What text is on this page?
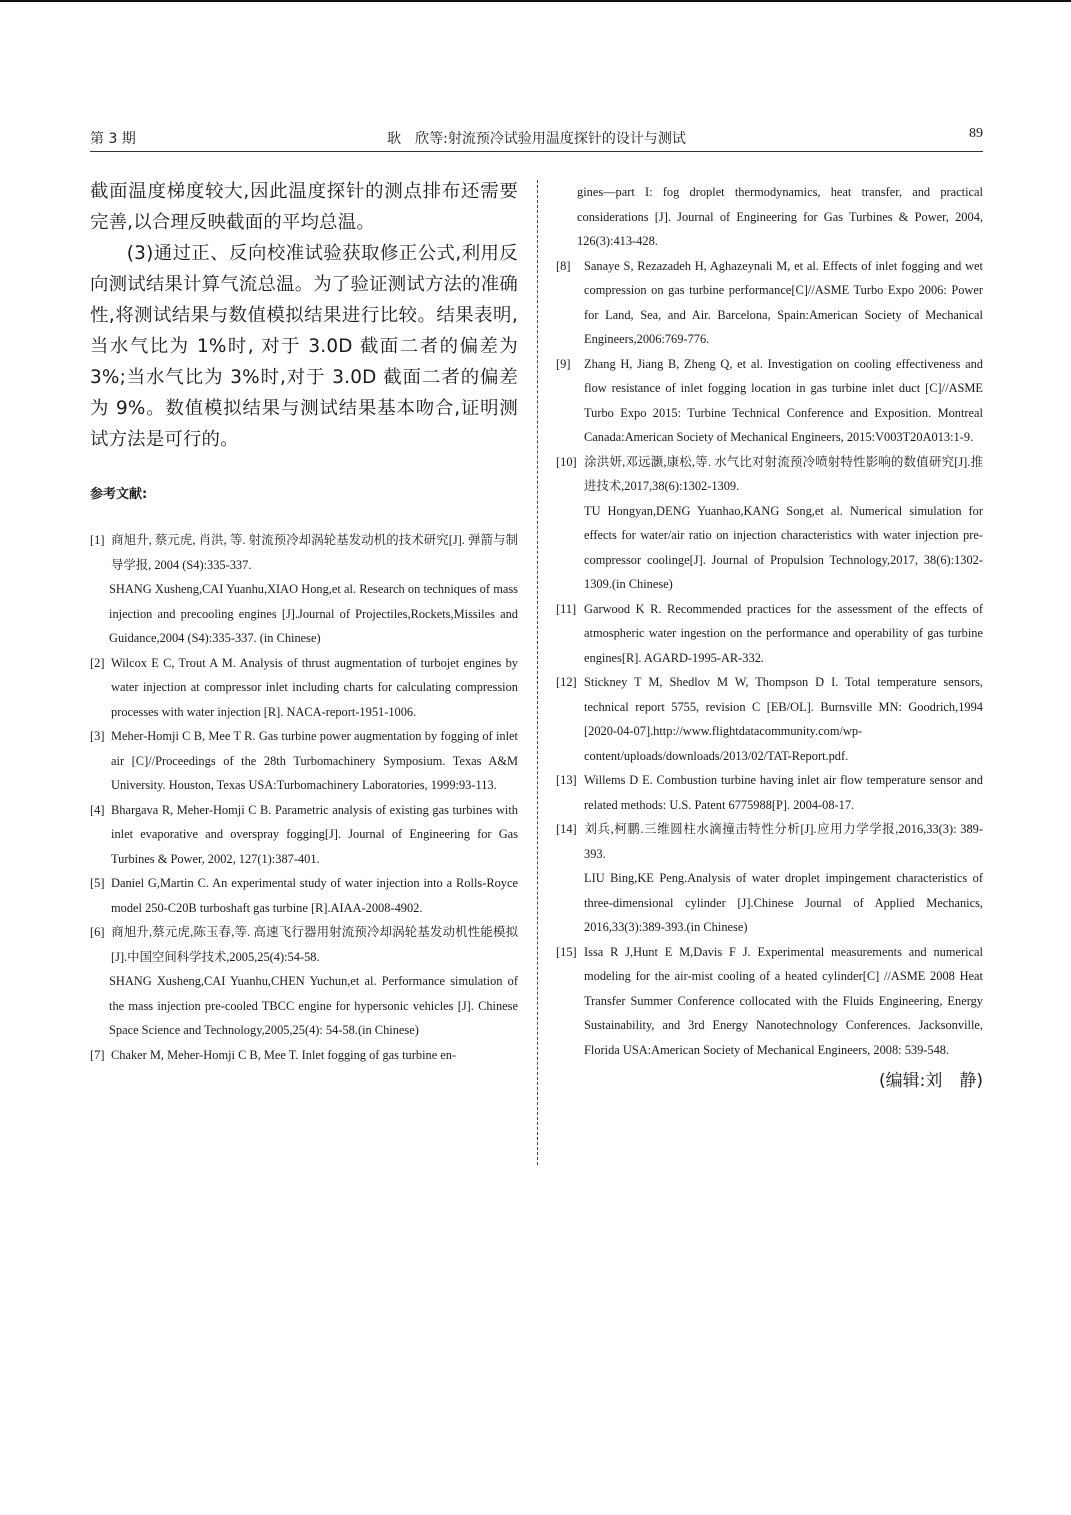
第 3 期	耿　欣等:射流预冷试验用温度探针的设计与测试	89

截面温度梯度较大,因此温度探针的测点排布还需要完善,以合理反映截面的平均总温。

(3)通过正、反向校准试验获取修正公式,利用反向测试结果计算气流总温。为了验证测试方法的准确性,将测试结果与数值模拟结果进行比较。结果表明,当水气比为 1%时, 对于 3.0D 截面二者的偏差为 3%;当水气比为 3%时,对于 3.0D 截面二者的偏差为 9%。数值模拟结果与测试结果基本吻合,证明测试方法是可行的。

参考文献:

[1] 商旭升, 蔡元虎, 肖洪, 等. 射流预冷却涡轮基发动机的技术研究[J]. 弹箭与制导学报, 2004 (S4):335-337.
SHANG Xusheng,CAI Yuanhu,XIAO Hong,et al. Research on techniques of mass injection and precooling engines [J].Journal of Projectiles,Rockets,Missiles and Guidance,2004 (S4):335-337. (in Chinese)

[2] Wilcox E C, Trout A M. Analysis of thrust augmentation of turbojet engines by water injection at compressor inlet including charts for calculating compression processes with water injection [R]. NACA-report-1951-1006.

[3] Meher-Homji C B, Mee T R. Gas turbine power augmentation by fogging of inlet air [C]//Proceedings of the 28th Turbomachinery Symposium. Texas A&M University. Houston, Texas USA:Turbomachinery Laboratories, 1999:93-113.

[4] Bhargava R, Meher-Homji C B. Parametric analysis of existing gas turbines with inlet evaporative and overspray fogging[J]. Journal of Engineering for Gas Turbines & Power, 2002, 127(1):387-401.

[5] Daniel G,Martin C. An experimental study of water injection into a Rolls-Royce model 250-C20B turboshaft gas turbine [R].AIAA-2008-4902.

[6] 商旭升,蔡元虎,陈玉春,等. 高速飞行器用射流预冷却涡轮基发动机性能模拟[J].中国空间科学技术,2005,25(4):54-58.
SHANG Xusheng,CAI Yuanhu,CHEN Yuchun,et al. Performance simulation of the mass injection pre-cooled TBCC engine for hypersonic vehicles [J]. Chinese Space Science and Technology,2005,25(4): 54-58.(in Chinese)

[7] Chaker M, Meher-Homji C B, Mee T. Inlet fogging of gas turbine en-

gines—part I: fog droplet thermodynamics, heat transfer, and practical considerations [J]. Journal of Engineering for Gas Turbines & Power, 2004, 126(3):413-428.

[8] Sanaye S, Rezazadeh H, Aghazeynali M, et al. Effects of inlet fogging and wet compression on gas turbine performance[C]//ASME Turbo Expo 2006: Power for Land, Sea, and Air. Barcelona, Spain:American Society of Mechanical Engineers,2006:769-776.

[9] Zhang H, Jiang B, Zheng Q, et al. Investigation on cooling effectiveness and flow resistance of inlet fogging location in gas turbine inlet duct [C]//ASME Turbo Expo 2015: Turbine Technical Conference and Exposition. Montreal Canada:American Society of Mechanical Engineers, 2015:V003T20A013:1-9.

[10] 涂洪妍,邓远灏,康松,等. 水气比对射流预冷喷射特性影响的数值研究[J].推进技术,2017,38(6):1302-1309.
TU Hongyan,DENG Yuanhao,KANG Song,et al. Numerical simulation for effects for water/air ratio on injection characteristics with water injection pre-compressor coolinge[J]. Journal of Propulsion Technology,2017, 38(6):1302-1309.(in Chinese)

[11] Garwood K R. Recommended practices for the assessment of the effects of atmospheric water ingestion on the performance and operability of gas turbine engines[R]. AGARD-1995-AR-332.

[12] Stickney T M, Shedlov M W, Thompson D I. Total temperature sensors, technical report 5755, revision C [EB/OL]. Burnsville MN: Goodrich,1994 [2020-04-07].http://www.flightdatacommunity.com/wp-content/uploads/downloads/2013/02/TAT-Report.pdf.

[13] Willems D E. Combustion turbine having inlet air flow temperature sensor and related methods: U.S. Patent 6775988[P]. 2004-08-17.

[14] 刘兵,柯鹏.三维圆柱水滴撞击特性分析[J].应用力学学报,2016,33(3): 389-393.
LIU Bing,KE Peng.Analysis of water droplet impingement characteristics of three-dimensional cylinder [J].Chinese Journal of Applied Mechanics, 2016,33(3):389-393.(in Chinese)

[15] Issa R J,Hunt E M,Davis F J. Experimental measurements and numerical modeling for the air-mist cooling of a heated cylinder[C] //ASME 2008 Heat Transfer Summer Conference collocated with the Fluids Engineering, Energy Sustainability, and 3rd Energy Nanotechnology Conferences. Jacksonville, Florida USA:American Society of Mechanical Engineers, 2008: 539-548.

(编辑:刘　静)
